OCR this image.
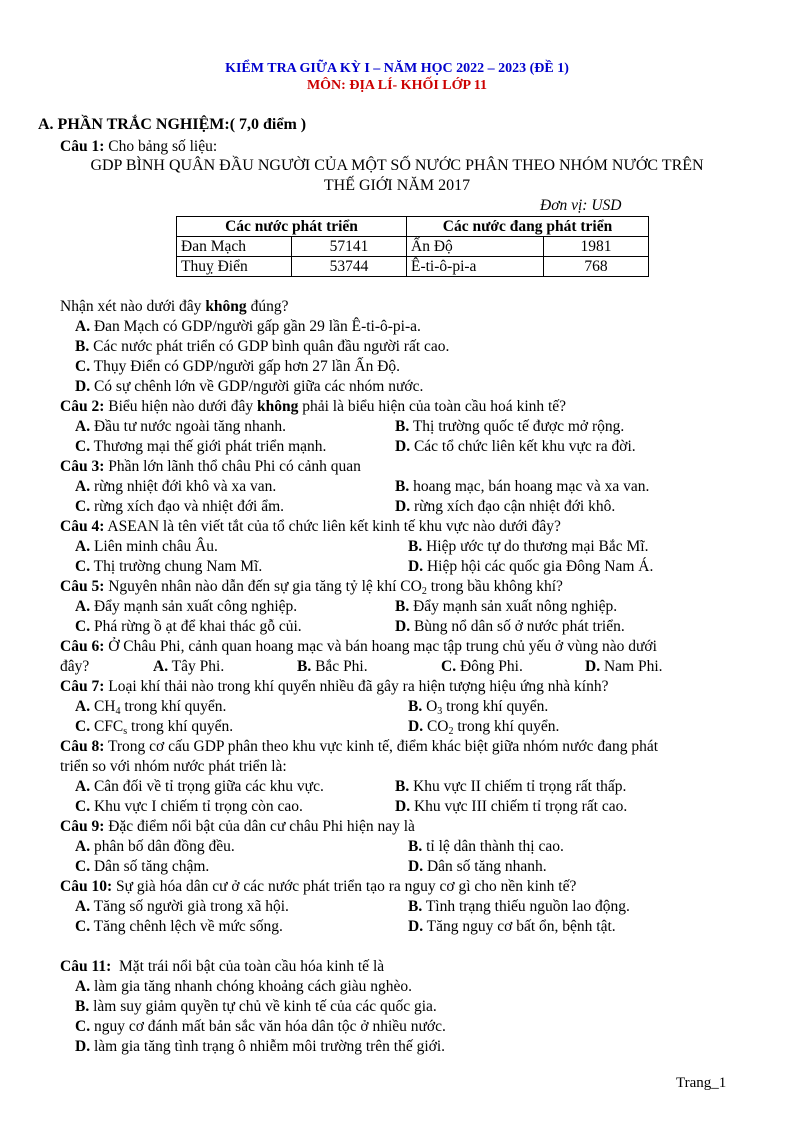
KIỂM TRA GIỮA KỲ I – NĂM HỌC 2022 – 2023 (ĐỀ 1)
MÔN: ĐỊA LÍ- KHỐI LỚP 11
A. PHẦN TRẮC NGHIỆM:( 7,0 điểm )
Câu 1: Cho bảng số liệu:
GDP BÌNH QUÂN ĐẦU NGƯỜI CỦA MỘT SỐ NƯỚC PHÂN THEO NHÓM NƯỚC TRÊN
THẾ GIỚI NĂM 2017
Đơn vị: USD
Các nước phát triển		Các nước đang phát triển	
Đan Mạch	57141	Ấn Độ	1981
Thuỵ Điển	53744	Ê-ti-ô-pi-a	768
Nhận xét nào dưới đây không đúng?
A. Đan Mạch có GDP/người gấp gần 29 lần Ê-ti-ô-pi-a.
B. Các nước phát triển có GDP bình quân đầu người rất cao.
C. Thụy Điển có GDP/người gấp hơn 27 lần Ấn Độ.
D. Có sự chênh lớn về GDP/người giữa các nhóm nước.
Câu 2: Biểu hiện nào dưới đây không phải là biểu hiện của toàn cầu hoá kinh tế?
A. Đầu tư nước ngoài tăng nhanh.	B. Thị trường quốc tế được mở rộng.
C. Thương mại thế giới phát triển mạnh.	D. Các tổ chức liên kết khu vực ra đời.
Câu 3: Phần lớn lãnh thổ châu Phi có cảnh quan
A. rừng nhiệt đới khô và xa van.	B. hoang mạc, bán hoang mạc và xa van.
C. rừng xích đạo và nhiệt đới ẩm.	D. rừng xích đạo cận nhiệt đới khô.
Câu 4: ASEAN là tên viết tắt của tổ chức liên kết kinh tế khu vực nào dưới đây?
A. Liên minh châu Âu.	B. Hiệp ước tự do thương mại Bắc Mĩ.
C. Thị trường chung Nam Mĩ.	D. Hiệp hội các quốc gia Đông Nam Á.
Câu 5: Nguyên nhân nào dẫn đến sự gia tăng tỷ lệ khí $CO_2$ trong bầu không khí?
A. Đẩy mạnh sản xuất công nghiệp.	B. Đẩy mạnh sản xuất nông nghiệp.
C. Phá rừng ồ ạt để khai thác gỗ củi.	D. Bùng nổ dân số ở nước phát triển.
Câu 6: Ở Châu Phi, cảnh quan hoang mạc và bán hoang mạc tập trung chủ yếu ở vùng nào dưới
đây?	A. Tây Phi.	B. Bắc Phi.	C. Đông Phi.	D. Nam Phi.
Câu 7: Loại khí thải nào trong khí quyển nhiều đã gây ra hiện tượng hiệu ứng nhà kính?
A. $CH_4$ trong khí quyển.	B. $O_3$ trong khí quyển.
C. $CFC_s$ trong khí quyển.	D. $CO_2$ trong khí quyển.
Câu 8: Trong cơ cấu GDP phân theo khu vực kinh tế, điểm khác biệt giữa nhóm nước đang phát
triển so với nhóm nước phát triển là:
A. Cân đối về tỉ trọng giữa các khu vực.	B. Khu vực II chiếm tỉ trọng rất thấp.
C. Khu vực I chiếm tỉ trọng còn cao.	D. Khu vực III chiếm tỉ trọng rất cao.
Câu 9: Đặc điểm nổi bật của dân cư châu Phi hiện nay là
A. phân bố dân đồng đều.	B. tỉ lệ dân thành thị cao.
C. Dân số tăng chậm.	D. Dân số tăng nhanh.
Câu 10: Sự già hóa dân cư ở các nước phát triển tạo ra nguy cơ gì cho nền kinh tế?
A. Tăng số người già trong xã hội.	B. Tình trạng thiếu nguồn lao động.
C. Tăng chênh lệch về mức sống.	D. Tăng nguy cơ bất ổn, bệnh tật.
Câu 11:  Mặt trái nổi bật của toàn cầu hóa kinh tế là
A. làm gia tăng nhanh chóng khoảng cách giàu nghèo.
B. làm suy giảm quyền tự chủ về kinh tế của các quốc gia.
C. nguy cơ đánh mất bản sắc văn hóa dân tộc ở nhiều nước.
D. làm gia tăng tình trạng ô nhiễm môi trường trên thế giới.
Trang_1
